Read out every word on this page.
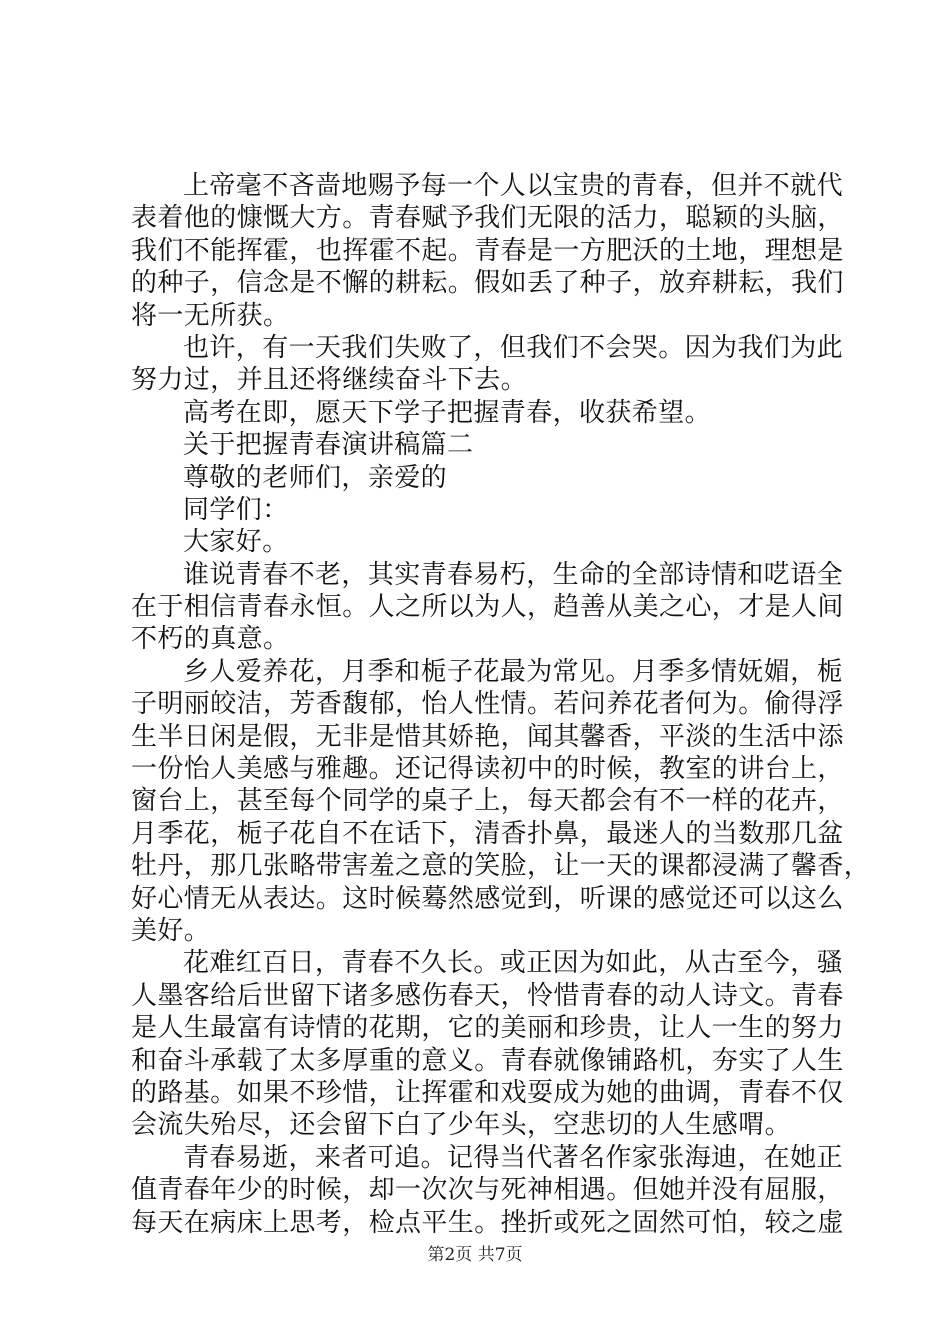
上帝毫不吝啬地赐予每一个人以宝贵的青春，但并不就代
表着他的慷慨大方。青春赋予我们无限的活力，聪颖的头脑，
我们不能挥霍，也挥霍不起。青春是一方肥沃的土地，理想是
的种子，信念是不懈的耕耘。假如丢了种子，放弃耕耘，我们
将一无所获。
也许，有一天我们失败了，但我们不会哭。因为我们为此
努力过，并且还将继续奋斗下去。
高考在即，愿天下学子把握青春，收获希望。
关于把握青春演讲稿篇二
尊敬的老师们，亲爱的
同学们：
大家好。
谁说青春不老，其实青春易朽，生命的全部诗情和呓语全
在于相信青春永恒。人之所以为人，趋善从美之心，才是人间
不朽的真意。
乡人爱养花，月季和栀子花最为常见。月季多情妩媚，栀
子明丽皎洁，芳香馥郁，怡人性情。若问养花者何为。偷得浮
生半日闲是假，无非是惜其娇艳，闻其馨香，平淡的生活中添
一份怡人美感与雅趣。还记得读初中的时候，教室的讲台上，
窗台上，甚至每个同学的桌子上，每天都会有不一样的花卉，
月季花，栀子花自不在话下，清香扑鼻，最迷人的当数那几盆
牡丹，那几张略带害羞之意的笑脸，让一天的课都浸满了馨香，
好心情无从表达。这时候蓦然感觉到，听课的感觉还可以这么
美好。
花难红百日，青春不久长。或正因为如此，从古至今，骚
人墨客给后世留下诸多感伤春天，怜惜青春的动人诗文。青春
是人生最富有诗情的花期，它的美丽和珍贵，让人一生的努力
和奋斗承载了太多厚重的意义。青春就像铺路机，夯实了人生
的路基。如果不珍惜，让挥霍和戏耍成为她的曲调，青春不仅
会流失殆尽，还会留下白了少年头，空悲切的人生感喟。
青春易逝，来者可追。记得当代著名作家张海迪，在她正
值青春年少的时候，却一次次与死神相遇。但她并没有屈服，
每天在病床上思考，检点平生。挫折或死之固然可怕，较之虚
第2页 共7页
